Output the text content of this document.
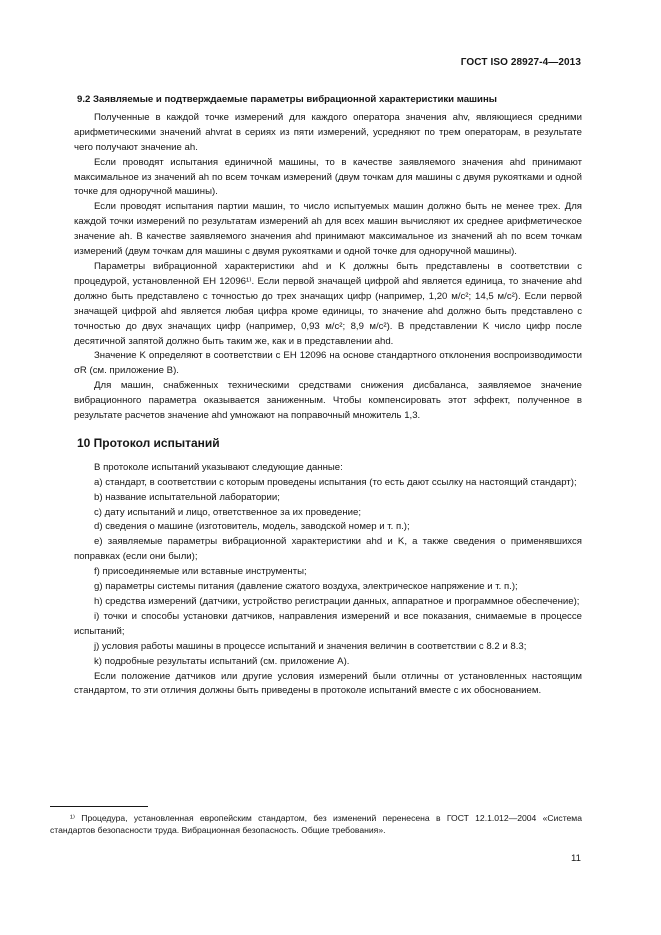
ГОСТ ISO 28927-4—2013

9.2 Заявляемые и подтверждаемые параметры вибрационной характеристики машины

Полученные в каждой точке измерений для каждого оператора значения ahv, являющиеся средними арифметическими значений ahvrat в сериях из пяти измерений, усредняют по трем операторам, в результате чего получают значение ah.

Если проводят испытания единичной машины, то в качестве заявляемого значения ahd принимают максимальное из значений ah по всем точкам измерений (двум точкам для машины с двумя рукоятками и одной точке для одноручной машины).

Если проводят испытания партии машин, то число испытуемых машин должно быть не менее трех. Для каждой точки измерений по результатам измерений ah для всех машин вычисляют их среднее арифметическое значение ah. В качестве заявляемого значения ahd принимают максимальное из значений ah по всем точкам измерений (двум точкам для машины с двумя рукоятками и одной точке для одноручной машины).

Параметры вибрационной характеристики ahd и K должны быть представлены в соответствии с процедурой, установленной ЕН 12096¹⁾. Если первой значащей цифрой ahd является единица, то значение ahd должно быть представлено с точностью до трех значащих цифр (например, 1,20 м/с²; 14,5 м/с²). Если первой значащей цифрой ahd является любая цифра кроме единицы, то значение ahd должно быть представлено с точностью до двух значащих цифр (например, 0,93 м/с²; 8,9 м/с²). В представлении K число цифр после десятичной запятой должно быть таким же, как и в представлении ahd.

Значение K определяют в соответствии с ЕН 12096 на основе стандартного отклонения воспроизводимости σR (см. приложение В).

Для машин, снабженных техническими средствами снижения дисбаланса, заявляемое значение вибрационного параметра оказывается заниженным. Чтобы компенсировать этот эффект, полученное в результате расчетов значение ahd умножают на поправочный множитель 1,3.

10 Протокол испытаний

В протоколе испытаний указывают следующие данные:

а) стандарт, в соответствии с которым проведены испытания (то есть дают ссылку на настоящий стандарт);

b) название испытательной лаборатории;

c) дату испытаний и лицо, ответственное за их проведение;

d) сведения о машине (изготовитель, модель, заводской номер и т. п.);

e) заявляемые параметры вибрационной характеристики ahd и K, а также сведения о применявшихся поправках (если они были);

f) присоединяемые или вставные инструменты;

g) параметры системы питания (давление сжатого воздуха, электрическое напряжение и т. п.);

h) средства измерений (датчики, устройство регистрации данных, аппаратное и программное обеспечение);

i) точки и способы установки датчиков, направления измерений и все показания, снимаемые в процессе испытаний;

j) условия работы машины в процессе испытаний и значения величин в соответствии с 8.2 и 8.3;

k) подробные результаты испытаний (см. приложение А).

Если положение датчиков или другие условия измерений были отличны от установленных настоящим стандартом, то эти отличия должны быть приведены в протоколе испытаний вместе с их обоснованием.

¹⁾ Процедура, установленная европейским стандартом, без изменений перенесена в ГОСТ 12.1.012—2004 «Система стандартов безопасности труда. Вибрационная безопасность. Общие требования».

11
